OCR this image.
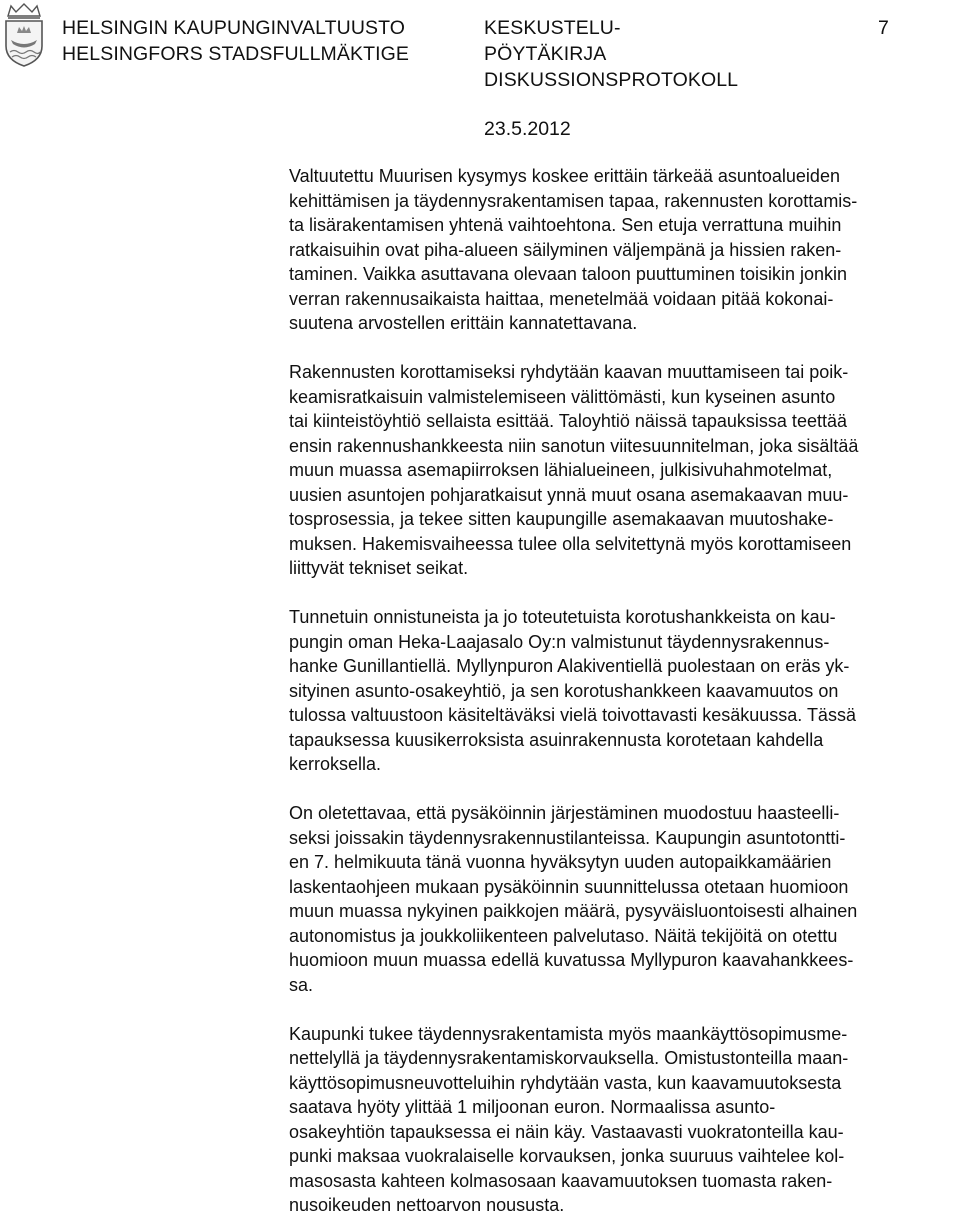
HELSINGIN KAUPUNGINVALTUUSTO
HELSINGFORS STADSFULLMÄKTIGE
KESKUSTELU-
PÖYTÄKIRJA
DISKUSSIONSPROTOKOLL
7
23.5.2012

Valtuutettu Muurisen kysymys koskee erittäin tärkeää asuntoalueiden
kehittämisen ja täydennysrakentamisen tapaa, rakennusten korottamis-
ta lisärakentamisen yhtenä vaihtoehtona. Sen etuja verrattuna muihin
ratkaisuihin ovat piha-alueen säilyminen väljempänä ja hissien raken-
taminen. Vaikka asuttavana olevaan taloon puuttuminen toisikin jonkin
verran rakennusaikaista haittaa, menetelmää voidaan pitää kokonai-
suutena arvostellen erittäin kannatettavana.

Rakennusten korottamiseksi ryhdytään kaavan muuttamiseen tai poik-
keamisratkaisuin valmistelemiseen välittömästi, kun kyseinen asunto
tai kiinteistöyhtiö sellaista esittää. Taloyhtiö näissä tapauksissa teettää
ensin rakennushankkeesta niin sanotun viitesuunnitelman, joka sisältää
muun muassa asemapiirroksen lähialueineen, julkisivuhahmotelmat,
uusien asuntojen pohjaratkaisut ynnä muut osana asemakaavan muu-
tosprosessia, ja tekee sitten kaupungille asemakaavan muutoshake-
muksen. Hakemisvaiheessa tulee olla selvitettynä myös korottamiseen
liittyvät tekniset seikat.

Tunnetuin onnistuneista ja jo toteutetuista korotushankkeista on kau-
pungin oman Heka-Laajasalo Oy:n valmistunut täydennysrakennus-
hanke Gunillantiellä. Myllynpuron Alakiventiellä puolestaan on eräs yk-
sityinen asunto-osakeyhtiö, ja sen korotushankkeen kaavamuutos on
tulossa valtuustoon käsiteltäväksi vielä toivottavasti kesäkuussa. Tässä
tapauksessa kuusikerroksista asuinrakennusta korotetaan kahdella
kerroksella.

On oletettavaa, että pysäköinnin järjestäminen muodostuu haasteelli-
seksi joissakin täydennysrakennustilanteissa. Kaupungin asuntotontti-
en 7. helmikuuta tänä vuonna hyväksytyn uuden autopaikkamäärien
laskentaohjeen mukaan pysäköinnin suunnittelussa otetaan huomioon
muun muassa nykyinen paikkojen määrä, pysyväisluontoisesti alhainen
autonomistus ja joukkoliikenteen palvelutaso. Näitä tekijöitä on otettu
huomioon muun muassa edellä kuvatussa Myllypuron kaavahankkees-
sa.

Kaupunki tukee täydennysrakentamista myös maankäyttösopimusme-
nettelyllä ja täydennysrakentamiskorvauksella. Omistustonteilla maan-
käyttösopimusneuvotteluihin ryhdytään vasta, kun kaavamuutoksesta
saatava hyöty ylittää 1 miljoonan euron. Normaalissa asunto-
osakeyhtiön tapauksessa ei näin käy. Vastaavasti vuokratonteilla kau-
punki maksaa vuokralaiselle korvauksen, jonka suuruus vaihtelee kol-
masosasta kahteen kolmasosaan kaavamuutoksen tuomasta raken-
nusoikeuden nettoarvon noususta.
